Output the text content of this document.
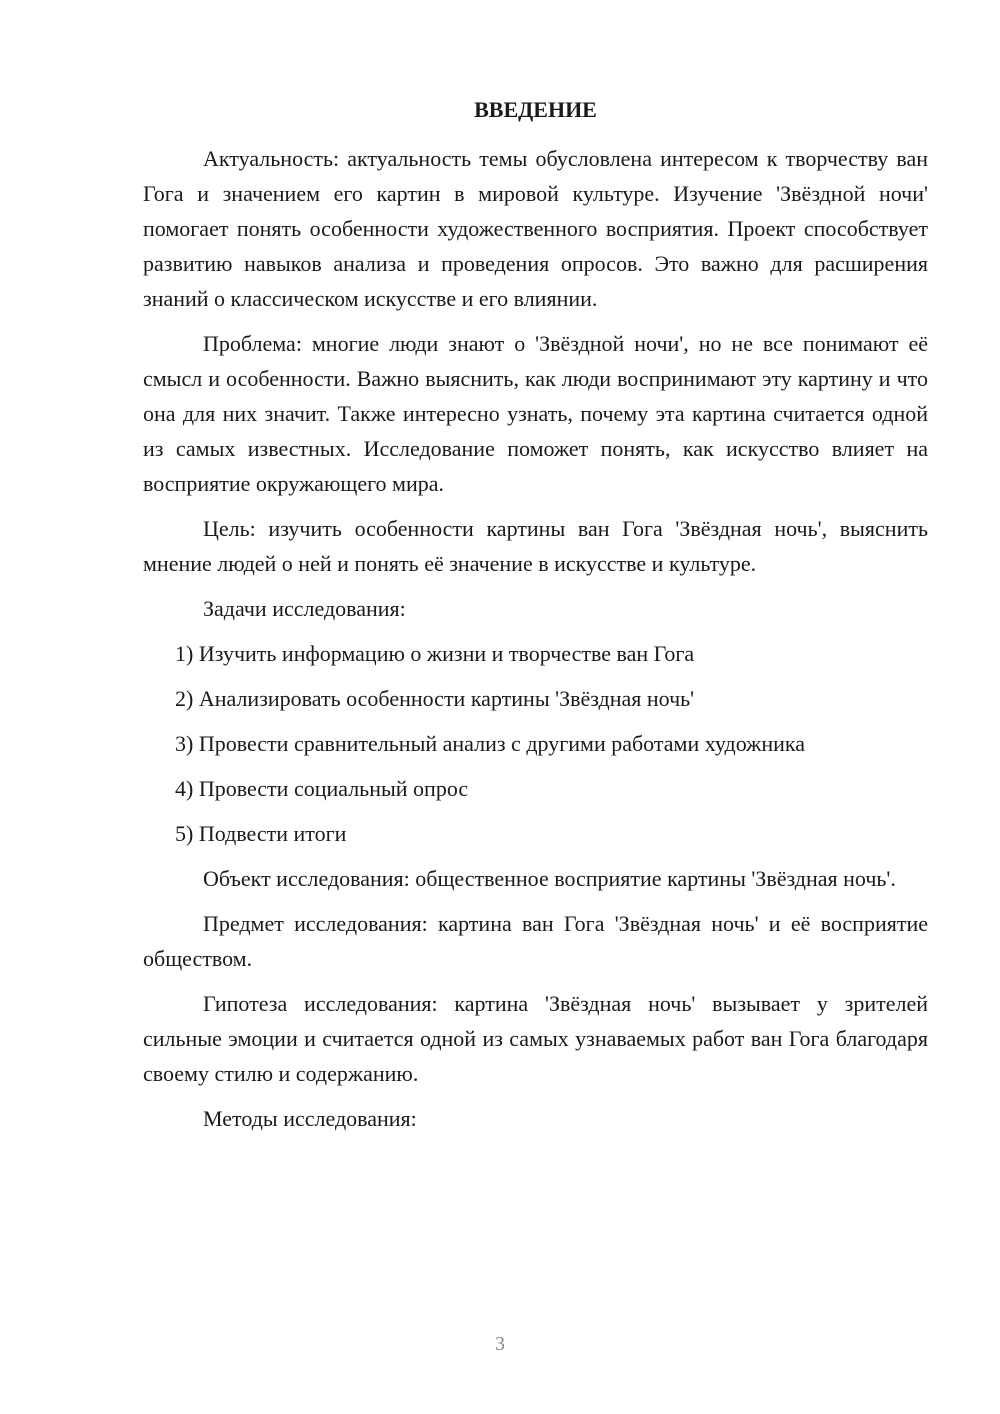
ВВЕДЕНИЕ
Актуальность: актуальность темы обусловлена интересом к творчеству ван Гога и значением его картин в мировой культуре. Изучение 'Звёздной ночи' помогает понять особенности художественного восприятия. Проект способствует развитию навыков анализа и проведения опросов. Это важно для расширения знаний о классическом искусстве и его влиянии.
Проблема: многие люди знают о 'Звёздной ночи', но не все понимают её смысл и особенности. Важно выяснить, как люди воспринимают эту картину и что она для них значит. Также интересно узнать, почему эта картина считается одной из самых известных. Исследование поможет понять, как искусство влияет на восприятие окружающего мира.
Цель: изучить особенности картины ван Гога 'Звёздная ночь', выяснить мнение людей о ней и понять её значение в искусстве и культуре.
Задачи исследования:
1) Изучить информацию о жизни и творчестве ван Гога
2) Анализировать особенности картины 'Звёздная ночь'
3) Провести сравнительный анализ с другими работами художника
4) Провести социальный опрос
5) Подвести итоги
Объект исследования: общественное восприятие картины 'Звёздная ночь'.
Предмет исследования: картина ван Гога 'Звёздная ночь' и её восприятие обществом.
Гипотеза исследования: картина 'Звёздная ночь' вызывает у зрителей сильные эмоции и считается одной из самых узнаваемых работ ван Гога благодаря своему стилю и содержанию.
Методы исследования:
3
